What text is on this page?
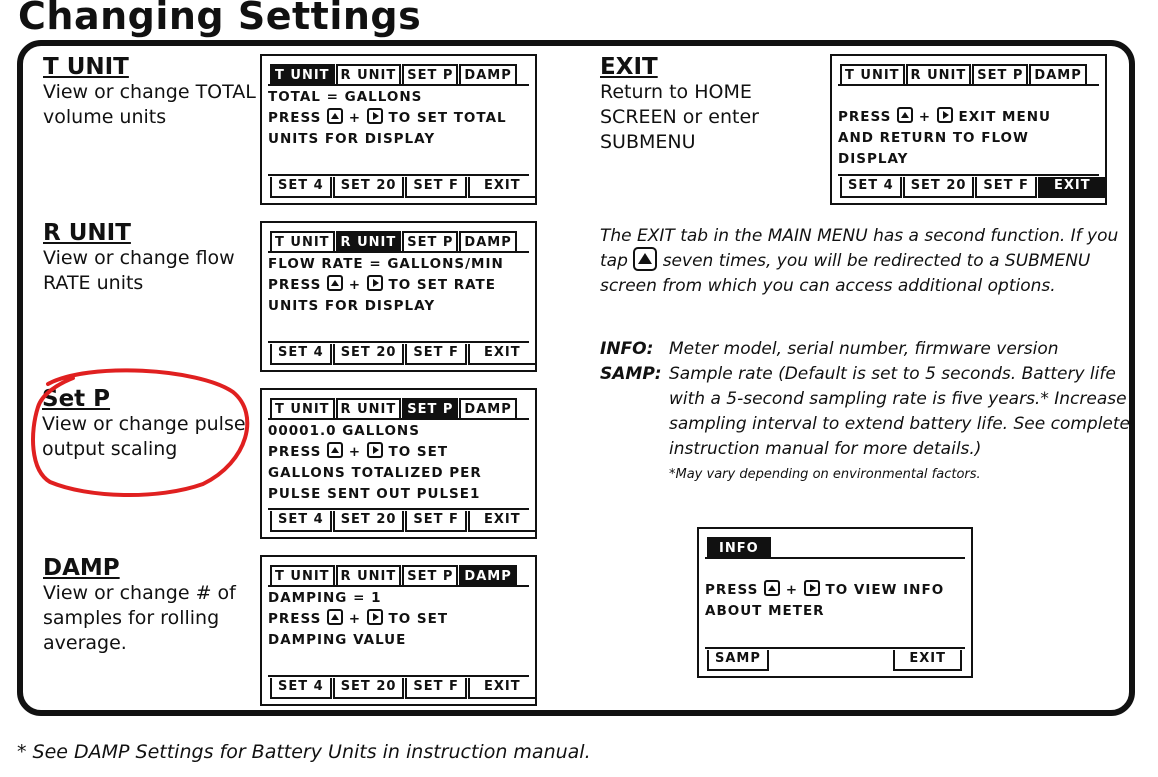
Changing Settings
T UNIT

View or change TOTAL

volume units

T UNIT R UNIT SET P DAMP
TOTAL = GALLONS
PRESS + TO SET TOTAL
UNITS FOR DISPLAY
SET 4	SET 20	SET F	EXIT
R UNIT

View or change flow

RATE units

T UNIT R UNIT SET P DAMP
FLOW RATE = GALLONS/MIN
PRESS + TO SET RATE
UNITS FOR DISPLAY
SET 4	SET 20	SET F	EXIT
Set P

View or change pulse

output scaling

T UNIT R UNIT SET P DAMP
00001.0 GALLONS
PRESS + TO SET
GALLONS TOTALIZED PER
PULSE SENT OUT PULSE1
SET 4	SET 20	SET F	EXIT
DAMP

View or change # of

samples for rolling

average.

T UNIT R UNIT SET P DAMP
DAMPING = 1
PRESS + TO SET
DAMPING VALUE
SET 4	SET 20	SET F	EXIT
EXIT

Return to HOME

SCREEN or enter

SUBMENU

T UNIT R UNIT SET P DAMP
PRESS + EXIT MENU
AND RETURN TO FLOW
DISPLAY
SET 4	SET 20	SET F	EXIT
The EXIT tab in the MAIN MENU has a second function. If you
tap seven times, you will be redirected to a SUBMENU
screen from which you can access additional options.
INFO: Meter model, serial number, firmware version
SAMP: Sample rate (Default is set to 5 seconds. Battery life
with a 5-second sampling rate is five years.* Increase
sampling interval to extend battery life. See complete
instruction manual for more details.)
*May vary depending on environmental factors.
INFO
PRESS + TO VIEW INFO
ABOUT METER
SAMP	EXIT
* See DAMP Settings for Battery Units in instruction manual.
